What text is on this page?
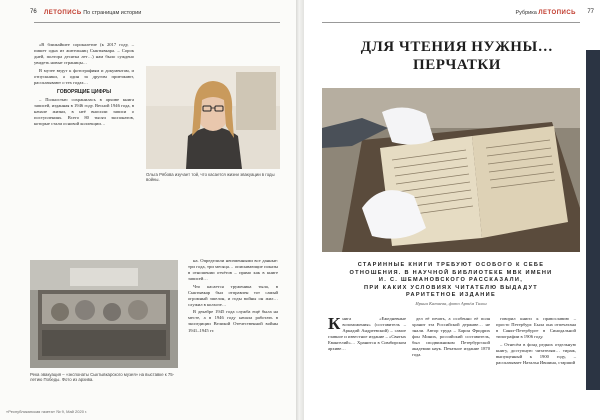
76 ЛЕТОПИСЬ По страницам истории

«В ближайшее сорокалетие (к 2017 году, – пишет одна из жительниц Сыктывкара. – Сорок дней, полтора десятка лет…) нам было суждено увидеть новые страницы…

В музее ведут к фотографиям и документам, и отпускники, а один за другим приезжают, рассказывают о тех годах…

ГОВОРЯЩИЕ ЦИФРЫ

– Полностью сохранилась в архиве книга записей, изданная в 1946 году. Весной 1946 года, в начале жизни, в неё вносили записи о поступлениях. Всего 80 тысяч экспонатов, которые стали основой коллекции…

Ольга Рябова изучает той, что касается жизни эвакуации в годы войны.

на. Определили неизменными все данные: три года, три месяца… описывающие показы в отношении отчётов – прямо как в книге записей…

Что касается труженика тыла, в Сыктывкар был отправлен тот самый огромный эшелон, и годы войны он жил… служил в колхозе…

В декабре 1945 года служба ещё была на месте, а в 1946 году начала работать в экспедиции Великой Отечественной войны 1941–1945 гг.

Река эвакуация – «экспонаты Сыктывкарского музея» на выставке к 75-летию Победы. Фото из архива.
«Республиканская газета» № 9, Май 2020 г.
Рубрика ЛЕТОПИСЬ 77
ДЛЯ ЧТЕНИЯ НУЖНЫ…
ПЕРЧАТКИ
СТАРИННЫЕ КНИГИ ТРЕБУЮТ ОСОБОГО К СЕБЕ
ОТНОШЕНИЯ. В НАУЧНОЙ БИБЛИОТЕКЕ МВК ИМЕНИ
И. С. ШЕМАНОВСКОГО РАССКАЗАЛИ,
ПРИ КАКИХ УСЛОВИЯХ ЧИТАТЕЛЮ ВЫДАДУТ
РАРИТЕТНОЕ ИЗДАНИЕ
Ирина Катаева, фото Артём Тихон

К нига «Ежедневные вспоможения» (составитель – Аркадий Андреевский) – самое главное и известное издание – «Святых Евангелий»… Хранится в Симбирском архиве…

дел её печать, а особенно её поля хранит эта Российской державе… не знали. Автор труда – Барон Фридрих фон Миних, российский составитель, был сподвижником Петербургской академии наук. Печатное издание 1870 года.

говорил книги к православию – просто Петербург. Была она отпечатана в Санкт-Петербурге в Синодальной типографии в 1906 году.

– Отнесём в фонд редких отдельную книгу, доступную читателям… тираж, выпущенный к 1900 году, – рассказывает Наталья Ившина, старший
